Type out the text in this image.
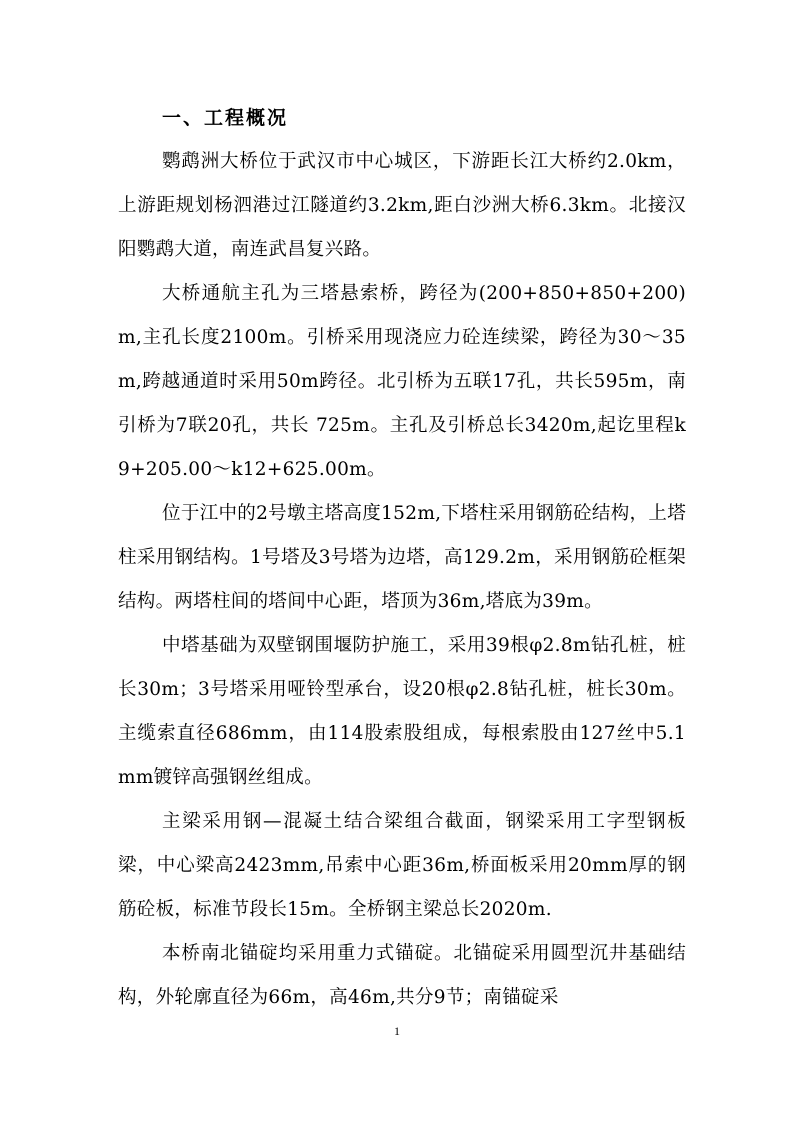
一、工程概况

鹦鹉洲大桥位于武汉市中心城区，下游距长江大桥约2.0km，上游距规划杨泗港过江隧道约3.2km,距白沙洲大桥6.3km。北接汉阳鹦鹉大道，南连武昌复兴路。

大桥通航主孔为三塔悬索桥，跨径为(200+850+850+200)m,主孔长度2100m。引桥采用现浇应力砼连续梁，跨径为30～35m,跨越通道时采用50m跨径。北引桥为五联17孔，共长595m，南引桥为7联20孔，共长 725m。主孔及引桥总长3420m,起讫里程k9+205.00～k12+625.00m。

位于江中的2号墩主塔高度152m,下塔柱采用钢筋砼结构，上塔柱采用钢结构。1号塔及3号塔为边塔，高129.2m，采用钢筋砼框架结构。两塔柱间的塔间中心距，塔顶为36m,塔底为39m。

中塔基础为双壁钢围堰防护施工，采用39根φ2.8m钻孔桩，桩长30m；3号塔采用哑铃型承台，设20根φ2.8钻孔桩，桩长30m。主缆索直径686mm，由114股索股组成，每根索股由127丝中5.1mm镀锌高强钢丝组成。

主梁采用钢—混凝土结合梁组合截面，钢梁采用工字型钢板梁，中心梁高2423mm,吊索中心距36m,桥面板采用20mm厚的钢筋砼板，标准节段长15m。全桥钢主梁总长2020m.

本桥南北锚碇均采用重力式锚碇。北锚碇采用圆型沉井基础结构，外轮廓直径为66m，高46m,共分9节；南锚碇采

1
